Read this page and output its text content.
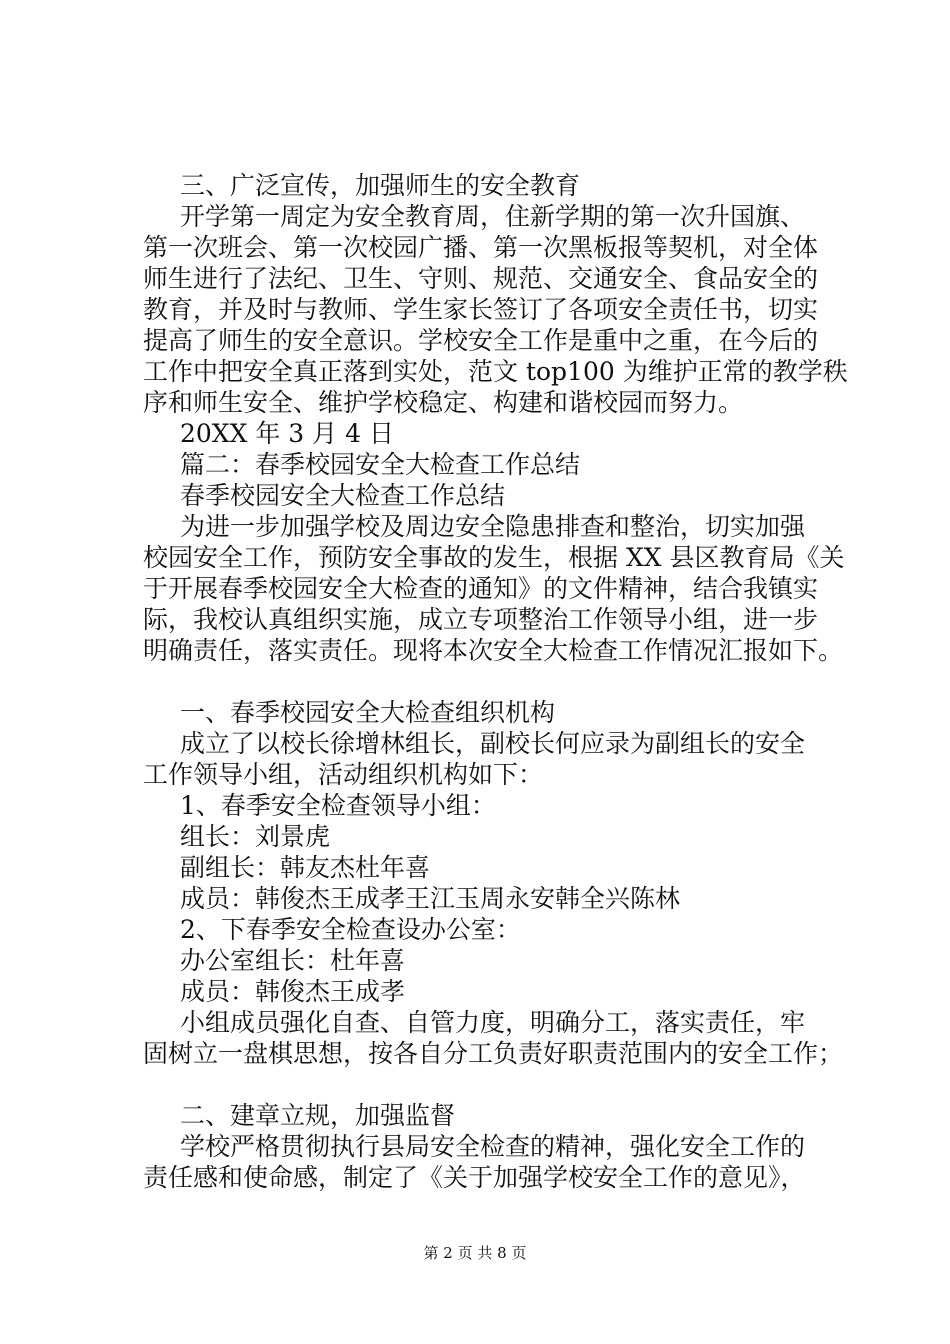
三、广泛宣传，加强师生的安全教育
开学第一周定为安全教育周，住新学期的第一次升国旗、
第一次班会、第一次校园广播、第一次黑板报等契机，对全体
师生进行了法纪、卫生、守则、规范、交通安全、食品安全的
教育，并及时与教师、学生家长签订了各项安全责任书，切实
提高了师生的安全意识。学校安全工作是重中之重，在今后的
工作中把安全真正落到实处，范文 top100 为维护正常的教学秩
序和师生安全、维护学校稳定、构建和谐校园而努力。
20XX 年 3 月 4 日
篇二：春季校园安全大检查工作总结
春季校园安全大检查工作总结
为进一步加强学校及周边安全隐患排查和整治，切实加强
校园安全工作，预防安全事故的发生，根据 XX 县区教育局《关
于开展春季校园安全大检查的通知》的文件精神，结合我镇实
际，我校认真组织实施，成立专项整治工作领导小组，进一步
明确责任，落实责任。现将本次安全大检查工作情况汇报如下。
一、春季校园安全大检查组织机构
成立了以校长徐增林组长，副校长何应录为副组长的安全
工作领导小组，活动组织机构如下：
1、春季安全检查领导小组：
组长：刘景虎
副组长：韩友杰杜年喜
成员：韩俊杰王成孝王江玉周永安韩全兴陈林
2、下春季安全检查设办公室：
办公室组长：杜年喜
成员：韩俊杰王成孝
小组成员强化自查、自管力度，明确分工，落实责任，牢
固树立一盘棋思想，按各自分工负责好职责范围内的安全工作；
二、建章立规，加强监督
学校严格贯彻执行县局安全检查的精神，强化安全工作的
责任感和使命感，制定了《关于加强学校安全工作的意见》，
第 2 页 共 8 页
